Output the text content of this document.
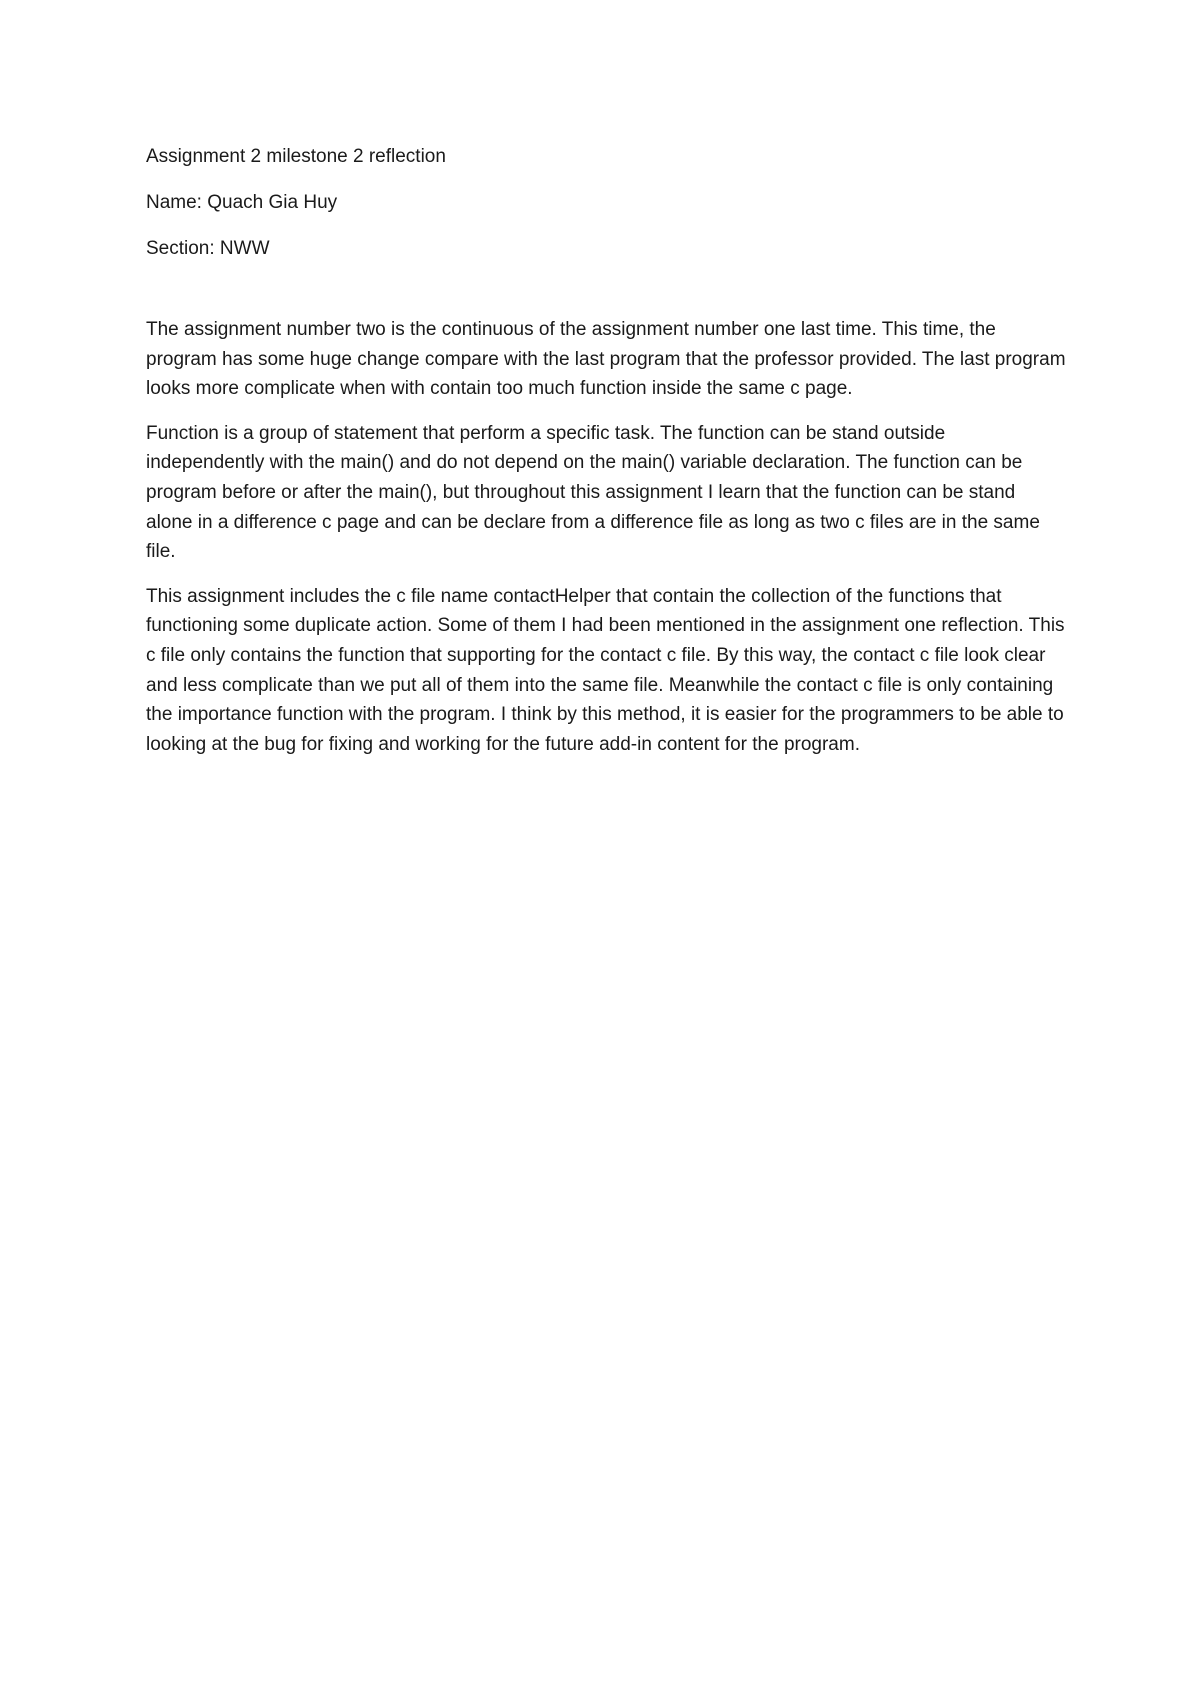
Assignment 2 milestone 2 reflection

Name: Quach Gia Huy

Section: NWW

The assignment number two is the continuous of the assignment number one last time. This time, the program has some huge change compare with the last program that the professor provided. The last program looks more complicate when with contain too much function inside the same c page.

Function is a group of statement that perform a specific task. The function can be stand outside independently with the main() and do not depend on the main() variable declaration. The function can be program before or after the main(), but throughout this assignment I learn that the function can be stand alone in a difference c page and can be declare from a difference file as long as two c files are in the same file.

This assignment includes the c file name contactHelper that contain the collection of the functions that functioning some duplicate action. Some of them I had been mentioned in the assignment one reflection. This c file only contains the function that supporting for the contact c file. By this way, the contact c file look clear and less complicate than we put all of them into the same file. Meanwhile the contact c file is only containing the importance function with the program. I think by this method, it is easier for the programmers to be able to looking at the bug for fixing and working for the future add-in content for the program.
